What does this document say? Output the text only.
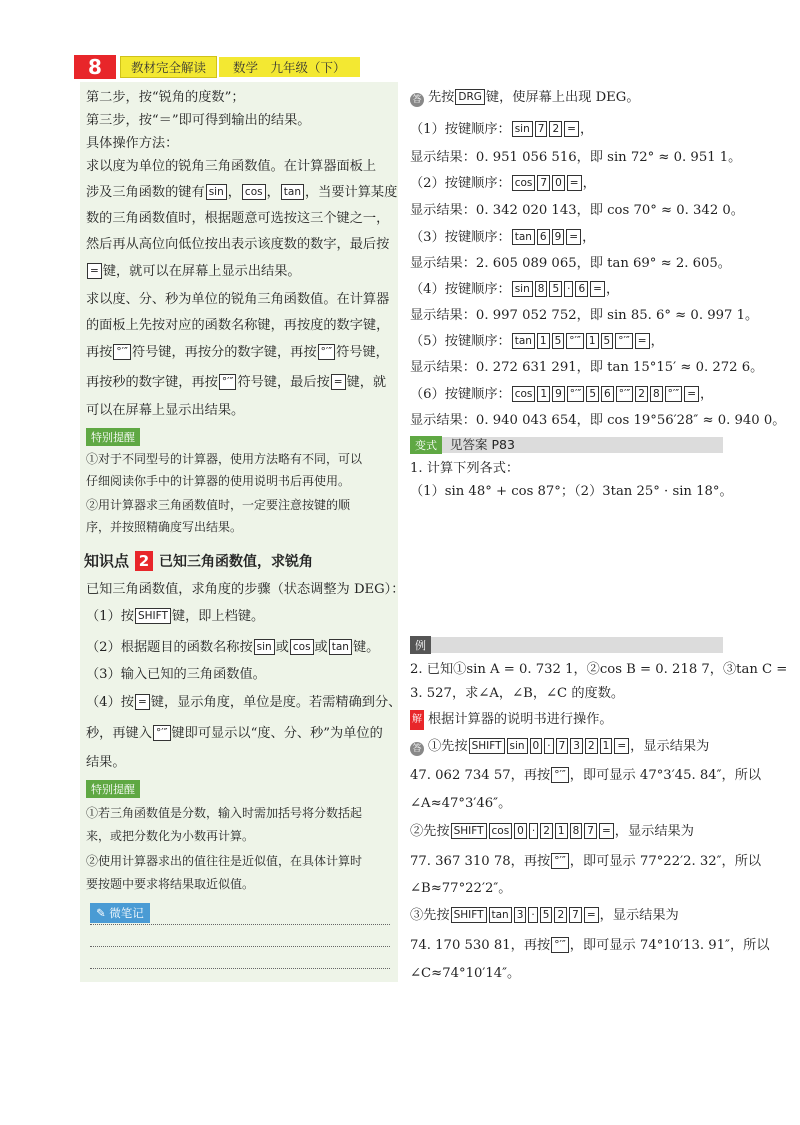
8	教材完全解读	数学　九年级（下）
第二步，按“锐角的度数”；
第三步，按“＝”即可得到输出的结果。
具体操作方法：
求以度为单位的锐角三角函数值。在计算器面板上
涉及三角函数的键有 sin ， cos ， tan ，当要计算某度
数的三角函数值时，根据题意可选按这三个键之一，
然后再从高位向低位按出表示该度数的数字，最后按
= 键，就可以在屏幕上显示出结果。
求以度、分、秒为单位的锐角三角函数值。在计算器
的面板上先按对应的函数名称键，再按度的数字键，
再按 °′″ 符号键，再按分的数字键，再按 °′″ 符号键，
再按秒的数字键，再按 °′″ 符号键，最后按 = 键，就
可以在屏幕上显示出结果。
特别提醒
①对于不同型号的计算器，使用方法略有不同，可以
仔细阅读你手中的计算器的使用说明书后再使用。
②用计算器求三角函数值时，一定要注意按键的顺
序，并按照精确度写出结果。
知识点 2 已知三角函数值，求锐角
已知三角函数值，求角度的步骤（状态调整为 DEG）：
（1）按 SHIFT 键，即上档键。
（2）根据题目的函数名称按 sin 或 cos 或 tan 键。
（3）输入已知的三角函数值。
（4）按 = 键，显示角度，单位是度。若需精确到分、
秒，再键入 °′″ 键即可显示以“度、分、秒”为单位的
结果。
特别提醒
①若三角函数值是分数，输入时需加括号将分数括起
来，或把分数化为小数再计算。
②使用计算器求出的值往往是近似值，在具体计算时
要按题中要求将结果取近似值。
✎ 微笔记
答 先按 DRG 键，使屏幕上出现 DEG。
（1）按键顺序： sin 7 2 = ，
显示结果：0. 951 056 516，即 sin 72° ≈ 0. 951 1。
（2）按键顺序： cos 7 0 = ，
显示结果：0. 342 020 143，即 cos 70° ≈ 0. 342 0。
（3）按键顺序： tan 6 9 = ，
显示结果：2. 605 089 065，即 tan 69° ≈ 2. 605。
（4）按键顺序： sin 8 5 · 6 = ，
显示结果：0. 997 052 752，即 sin 85. 6° ≈ 0. 997 1。
（5）按键顺序： tan 1 5 °′″ 1 5 °′″ = ，
显示结果：0. 272 631 291，即 tan 15°15′ ≈ 0. 272 6。
（6）按键顺序： cos 1 9 °′″ 5 6 °′″ 2 8 °′″ = ，
显示结果：0. 940 043 654，即 cos 19°56′28″ ≈ 0. 940 0。
变式	见答案 P83
1. 计算下列各式：
（1）sin 48° + cos 87°；（2）3tan 25° · sin 18°。
例
2. 已知①sin A = 0. 732 1，②cos B = 0. 218 7，③tan C =
3. 527，求∠A，∠B，∠C 的度数。
解 根据计算器的说明书进行操作。
答 ①先按 SHIFT sin 0 · 7 3 2 1 = ，显示结果为
47. 062 734 57，再按 °′″ ，即可显示 47°3′45. 84″，所以
∠A≈47°3′46″。
②先按 SHIFT cos 0 · 2 1 8 7 = ，显示结果为
77. 367 310 78，再按 °′″ ，即可显示 77°22′2. 32″，所以
∠B≈77°22′2″。
③先按 SHIFT tan 3 · 5 2 7 = ，显示结果为
74. 170 530 81，再按 °′″ ，即可显示 74°10′13. 91″，所以
∠C≈74°10′14″。
